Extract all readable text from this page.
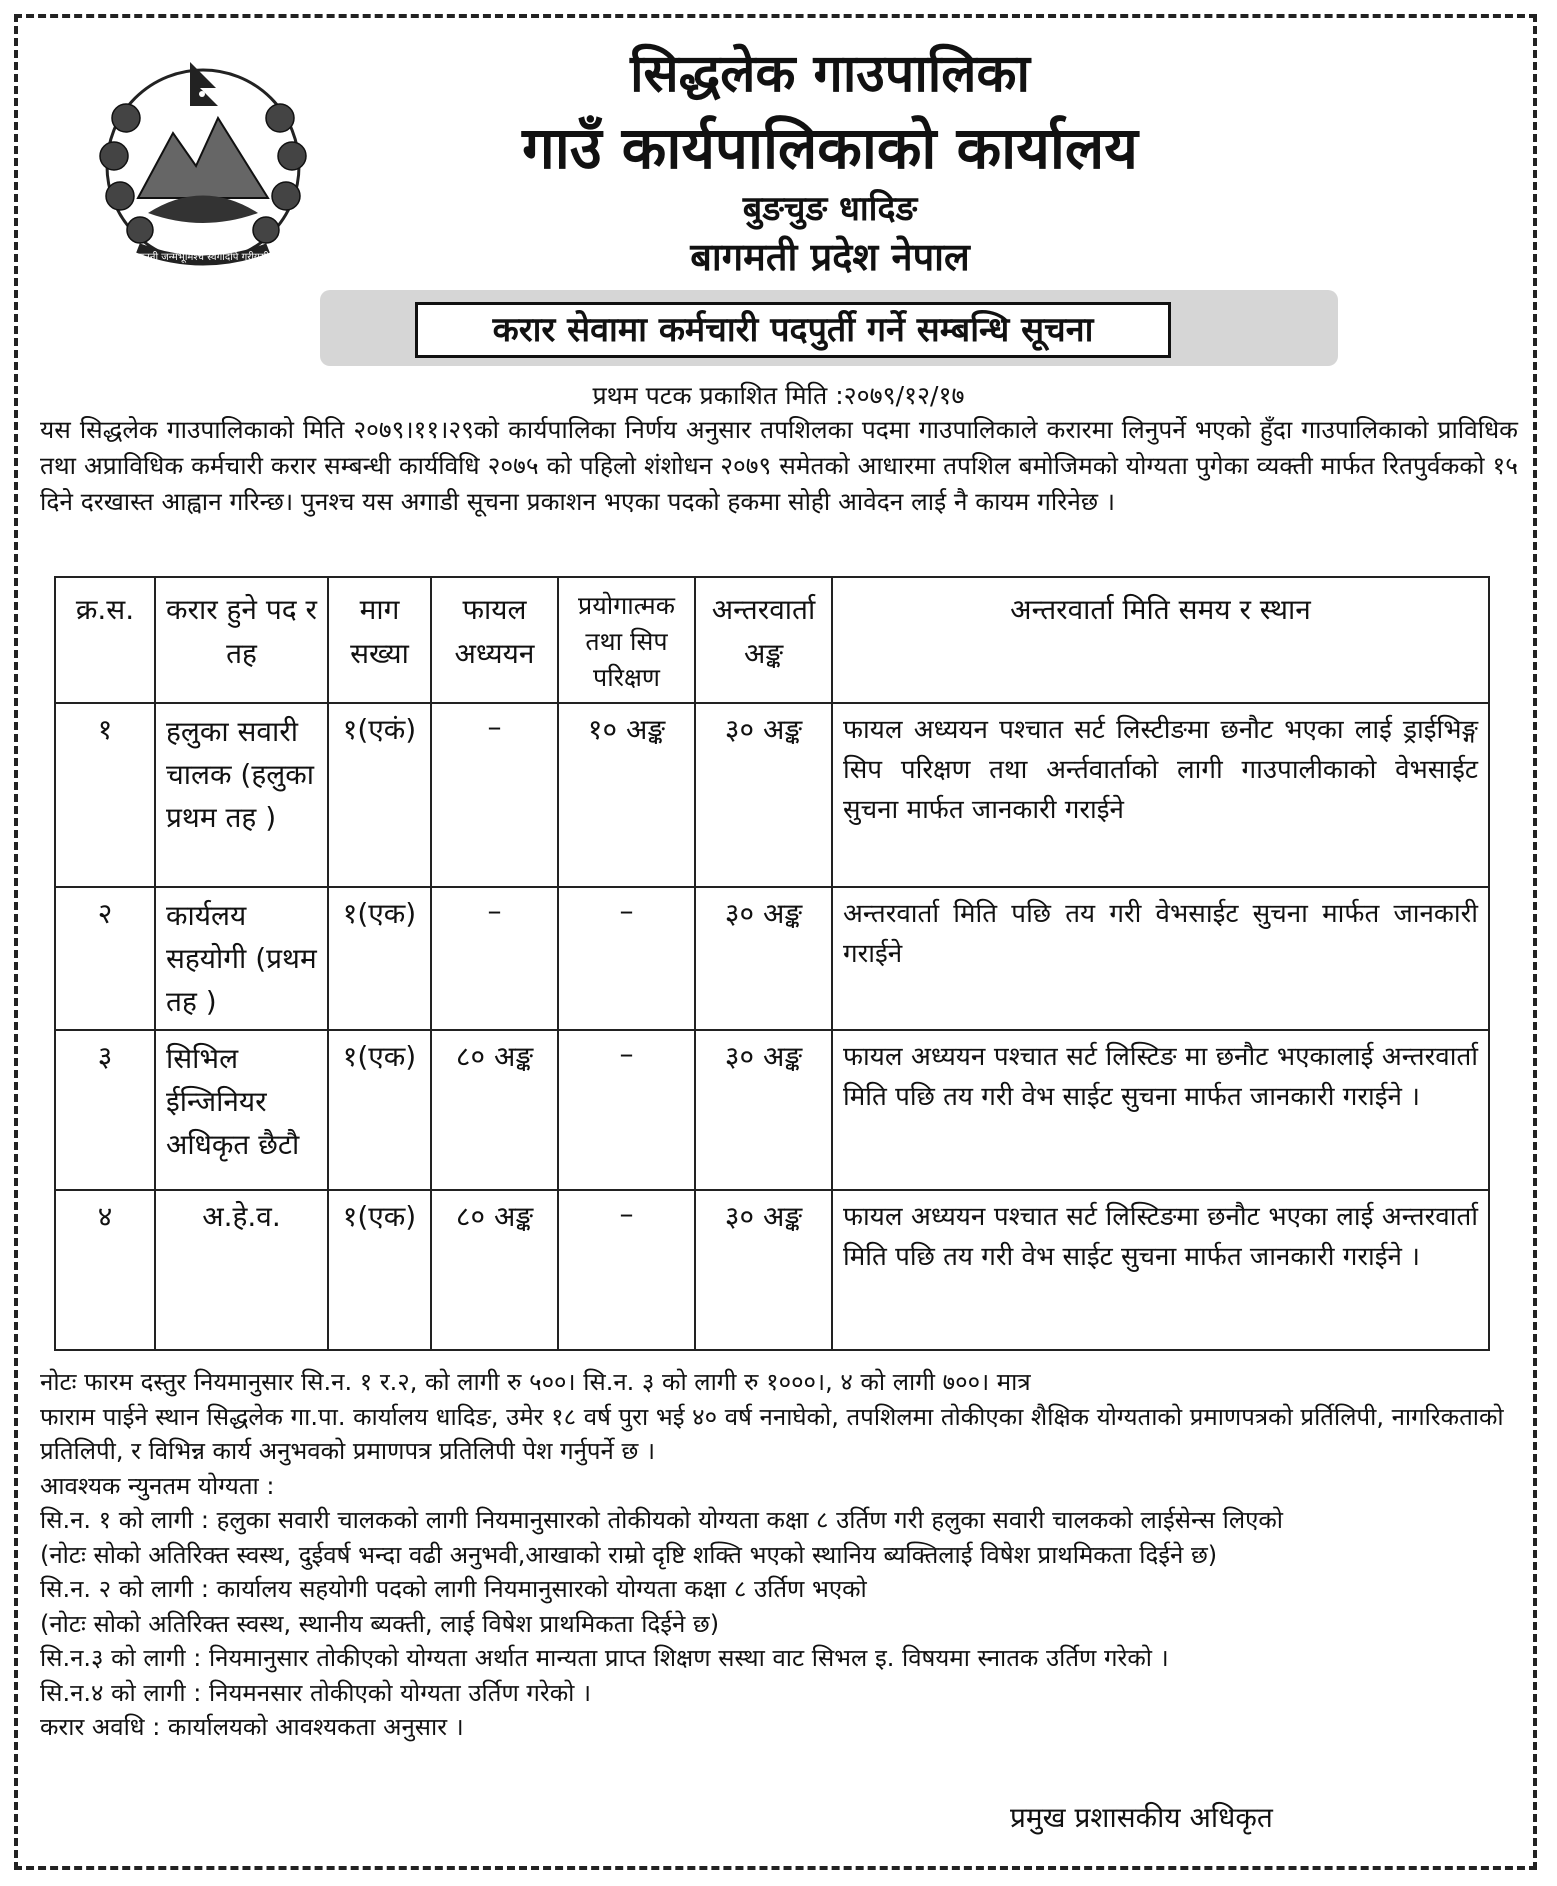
जननी जन्मभूमिश्च स्वर्गादपि गरीयसी
सिद्धलेक गाउपालिका
गाउँ कार्यपालिकाको कार्यालय
बुङचुङ धादिङ
बागमती प्रदेश नेपाल
करार सेवामा कर्मचारी पदपुर्ती गर्ने सम्बन्धि सूचना
प्रथम पटक प्रकाशित मिति :२०७९/१२/१७

यस सिद्धलेक गाउपालिकाको मिति २०७९।११।२९को कार्यपालिका निर्णय अनुसार तपशिलका पदमा गाउपालिकाले करारमा लिनुपर्ने भएको हुँदा गाउपालिकाको प्राविधिक तथा अप्राविधिक कर्मचारी करार सम्बन्धी कार्यविधि २०७५ को पहिलो शंशोधन २०७९ समेतको आधारमा तपशिल बमोजिमको योग्यता पुगेका व्यक्ती मार्फत रितपुर्वकको १५ दिने दरखास्त आह्वान गरिन्छ। पुनश्च यस अगाडी सूचना प्रकाशन भएका पदको हकमा सोही आवेदन लाई नै कायम गरिनेछ ।

क्र.स.	करार हुने पद र तह	माग सख्या	फायल अध्ययन	प्रयोगात्मक तथा सिप परिक्षण	अन्तरवार्ता अङ्क	अन्तरवार्ता मिति समय र स्थान
१	हलुका सवारी चालक (हलुका प्रथम तह )	१(एकं)	–	१० अङ्क	३० अङ्क	फायल अध्ययन पश्चात सर्ट लिस्टीङमा छनौट भएका लाई ड्राईभिङ्ग सिप परिक्षण तथा अर्न्तवार्ताको लागी गाउपालीकाको वेभसाईट सुचना मार्फत जानकारी गराईने
२	कार्यलय सहयोगी (प्रथम तह )	१(एक)	–	–	३० अङ्क	अन्तरवार्ता मिति पछि तय गरी वेभसाईट सुचना मार्फत जानकारी गराईने
३	सिभिल ईन्जिनियर अधिकृत छैटौ	१(एक)	८० अङ्क	–	३० अङ्क	फायल अध्ययन पश्चात सर्ट लिस्टिङ मा छनौट भएकालाई अन्तरवार्ता मिति पछि तय गरी वेभ साईट सुचना मार्फत जानकारी गराईने ।
४	अ.हे.व.	१(एक)	८० अङ्क	–	३० अङ्क	फायल अध्ययन पश्चात सर्ट लिस्टिङमा छनौट भएका लाई अन्तरवार्ता मिति पछि तय गरी वेभ साईट सुचना मार्फत जानकारी गराईने ।

नोटः फारम दस्तुर नियमानुसार सि.न. १ र.२, को लागी रु ५००। सि.न. ३ को लागी रु १०००।, ४ को लागी ७००। मात्र

फाराम पाईने स्थान सिद्धलेक गा.पा. कार्यालय धादिङ, उमेर १८ वर्ष पुरा भई ४० वर्ष ननाघेको, तपशिलमा तोकीएका शैक्षिक योग्यताको प्रमाणपत्रको प्रर्तिलिपी, नागरिकताको प्रतिलिपी, र विभिन्न कार्य अनुभवको प्रमाणपत्र प्रतिलिपी पेश गर्नुपर्ने छ ।

आवश्यक न्युनतम योग्यता :

सि.न. १ को लागी : हलुका सवारी चालकको लागी नियमानुसारको तोकीयको योग्यता कक्षा ८ उर्तिण गरी हलुका सवारी चालकको लाईसेन्स लिएको

(नोटः सोको अतिरिक्त स्वस्थ, दुईवर्ष भन्दा वढी अनुभवी,आखाको राम्रो दृष्टि शक्ति भएको स्थानिय ब्यक्तिलाई विषेश प्राथमिकता दिईने छ)

सि.न. २ को लागी : कार्यालय सहयोगी पदको लागी नियमानुसारको योग्यता कक्षा ८ उर्तिण भएको

(नोटः सोको अतिरिक्त स्वस्थ, स्थानीय ब्यक्ती, लाई विषेश प्राथमिकता दिईने छ)

सि.न.३ को लागी : नियमानुसार तोकीएको योग्यता अर्थात मान्यता प्राप्त शिक्षण सस्था वाट सिभल इ. विषयमा स्नातक उर्तिण गरेको ।

सि.न.४ को लागी : नियमनसार तोकीएको योग्यता उर्तिण गरेको ।

करार अवधि : कार्यालयको आवश्यकता अनुसार ।

प्रमुख प्रशासकीय अधिकृत
